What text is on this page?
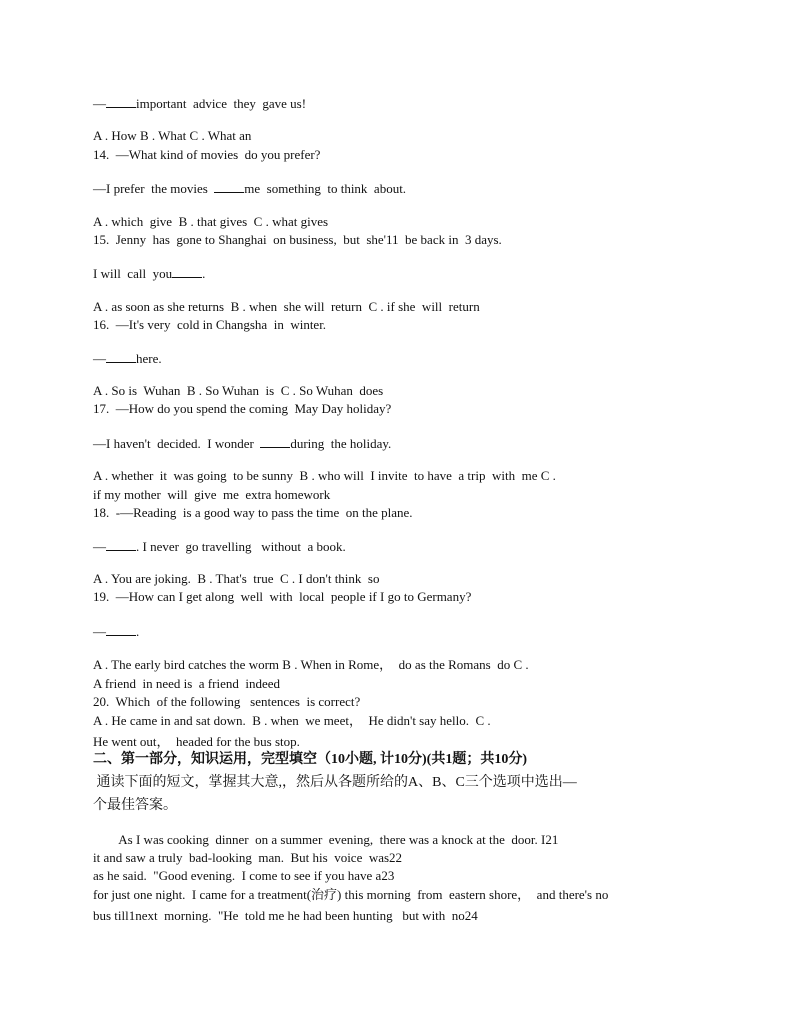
— important  advice  they  gave us!
A . How B . What C . What an
14.  —What kind of movies  do you prefer?
—I prefer  the movies  me  something  to think  about.
A . which  give  B . that gives  C . what gives
15.  Jenny  has  gone to Shanghai  on business,  but  she'11  be back in  3 days.
I will  call  you .
A . as soon as she returns  B . when  she will  return  C . if she  will  return
16.  —It's very  cold in Changsha  in  winter.
— here.
A . So is  Wuhan  B . So Wuhan  is  C . So Wuhan  does
17.  —How do you spend the coming  May Day holiday?
—I haven't  decided.  I wonder  during  the holiday.
A . whether  it  was going  to be sunny  B . who will  I invite  to have  a trip  with  me C .
if my mother  will  give  me  extra homework
18.  -—Reading  is a good way to pass the time  on the plane.
— . I never  go travelling   without  a book.
A . You are joking.  B . That's  true  C . I don't think  so
19.  —How can I get along  well  with  local  people if I go to Germany?
— .
A . The early bird catches the worm B . When in Rome，  do as the Romans  do C .
A friend  in need is  a friend  indeed
20.  Which  of the following   sentences  is correct?
A . He came in and sat down.  B . when  we meet，  He didn't say hello.  C .
He went out，  headed for the bus stop.
二、第一部分，知识运用，完型填空（10小题, 计10分)(共1题；共10分)
通读下面的短文，掌握其大意,，然后从各题所给的A、B、C三个选项中选出—
个最佳答案。
As I was cooking  dinner  on a summer  evening,  there was a knock at the  door. I21
it and saw a truly  bad-looking  man.  But his  voice  was22
as he said.  "Good evening.  I come to see if you have a23
for just one night.  I came for a treatment(治疗) this morning  from  eastern shore，  and there's no
bus till1next  morning.  "He  told me he had been hunting   but with  no24
